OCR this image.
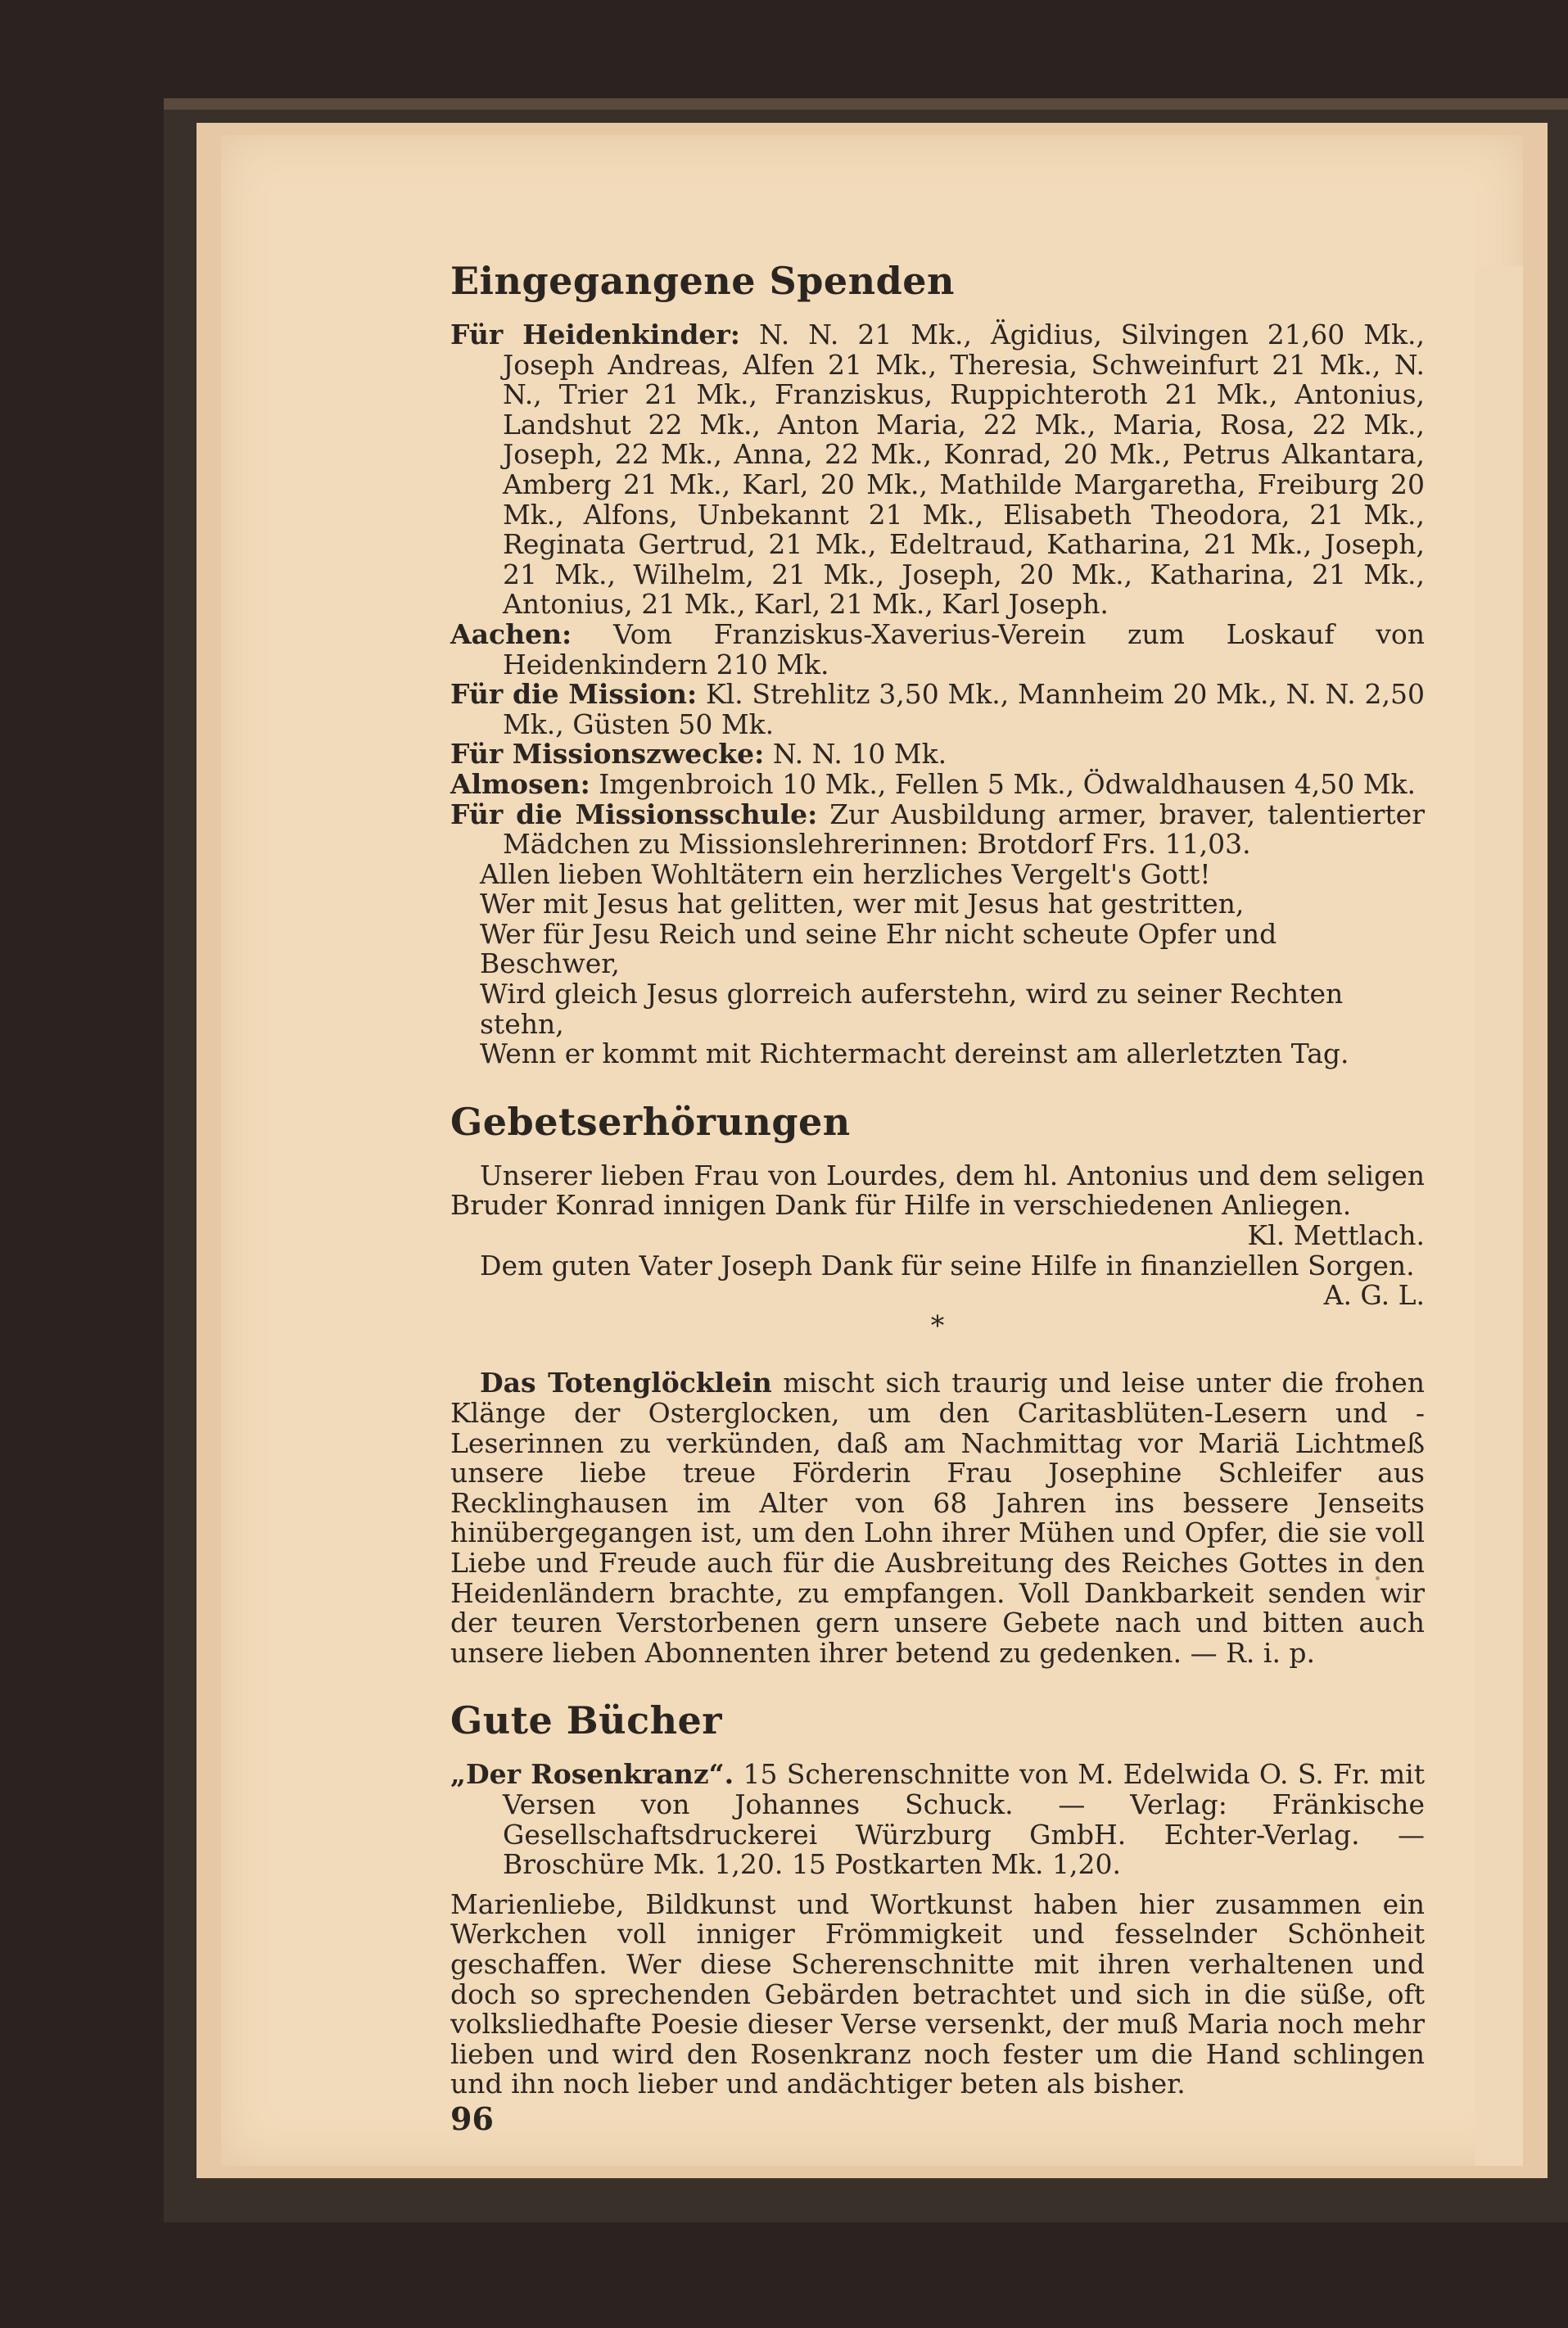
Eingegangene Spenden

Für Heidenkinder: N. N. 21 Mk., Ägidius, Silvingen 21,60 Mk., Joseph Andreas, Alfen 21 Mk., Theresia, Schweinfurt 21 Mk., N. N., Trier 21 Mk., Franziskus, Ruppichteroth 21 Mk., Antonius, Landshut 22 Mk., Anton Maria, 22 Mk., Maria, Rosa, 22 Mk., Joseph, 22 Mk., Anna, 22 Mk., Konrad, 20 Mk., Petrus Alkantara, Amberg 21 Mk., Karl, 20 Mk., Mathilde Margaretha, Freiburg 20 Mk., Alfons, Unbekannt 21 Mk., Elisabeth Theodora, 21 Mk., Reginata Gertrud, 21 Mk., Edeltraud, Katharina, 21 Mk., Joseph, 21 Mk., Wilhelm, 21 Mk., Joseph, 20 Mk., Katharina, 21 Mk., Antonius, 21 Mk., Karl, 21 Mk., Karl Joseph.

Aachen: Vom Franziskus-Xaverius-Verein zum Loskauf von Heidenkindern 210 Mk.

Für die Mission: Kl. Strehlitz 3,50 Mk., Mannheim 20 Mk., N. N. 2,50 Mk., Güsten 50 Mk.

Für Missionszwecke: N. N. 10 Mk.

Almosen: Imgenbroich 10 Mk., Fellen 5 Mk., Ödwaldhausen 4,50 Mk.

Für die Missionsschule: Zur Ausbildung armer, braver, talentierter Mädchen zu Missionslehrerinnen: Brotdorf Frs. 11,03.

Allen lieben Wohltätern ein herzliches Vergelt's Gott!

Wer mit Jesus hat gelitten, wer mit Jesus hat gestritten,

Wer für Jesu Reich und seine Ehr nicht scheute Opfer und Beschwer,

Wird gleich Jesus glorreich auferstehn, wird zu seiner Rechten stehn,

Wenn er kommt mit Richtermacht dereinst am allerletzten Tag.

Gebetserhörungen

Unserer lieben Frau von Lourdes, dem hl. Antonius und dem seligen Bruder Konrad innigen Dank für Hilfe in verschiedenen Anliegen.

Kl. Mettlach.

Dem guten Vater Joseph Dank für seine Hilfe in finanziellen Sorgen.

A. G. L.

*

Das Totenglöcklein mischt sich traurig und leise unter die frohen Klänge der Osterglocken, um den Caritasblüten-Lesern und -Leserinnen zu verkünden, daß am Nachmittag vor Mariä Lichtmeß unsere liebe treue Förderin Frau Josephine Schleifer aus Recklinghausen im Alter von 68 Jahren ins bessere Jenseits hinübergegangen ist, um den Lohn ihrer Mühen und Opfer, die sie voll Liebe und Freude auch für die Ausbreitung des Reiches Gottes in den Heidenländern brachte, zu empfangen. Voll Dankbarkeit senden wir der teuren Verstorbenen gern unsere Gebete nach und bitten auch unsere lieben Abonnenten ihrer betend zu gedenken. — R. i. p.

Gute Bücher

„Der Rosenkranz“. 15 Scherenschnitte von M. Edelwida O. S. Fr. mit Versen von Johannes Schuck. — Verlag: Fränkische Gesellschaftsdruckerei Würzburg GmbH. Echter-Verlag. — Broschüre Mk. 1,20. 15 Postkarten Mk. 1,20.

Marienliebe, Bildkunst und Wortkunst haben hier zusammen ein Werkchen voll inniger Frömmigkeit und fesselnder Schönheit geschaffen. Wer diese Scherenschnitte mit ihren verhaltenen und doch so sprechenden Gebärden betrachtet und sich in die süße, oft volksliedhafte Poesie dieser Verse versenkt, der muß Maria noch mehr lieben und wird den Rosenkranz noch fester um die Hand schlingen und ihn noch lieber und andächtiger beten als bisher.

96
